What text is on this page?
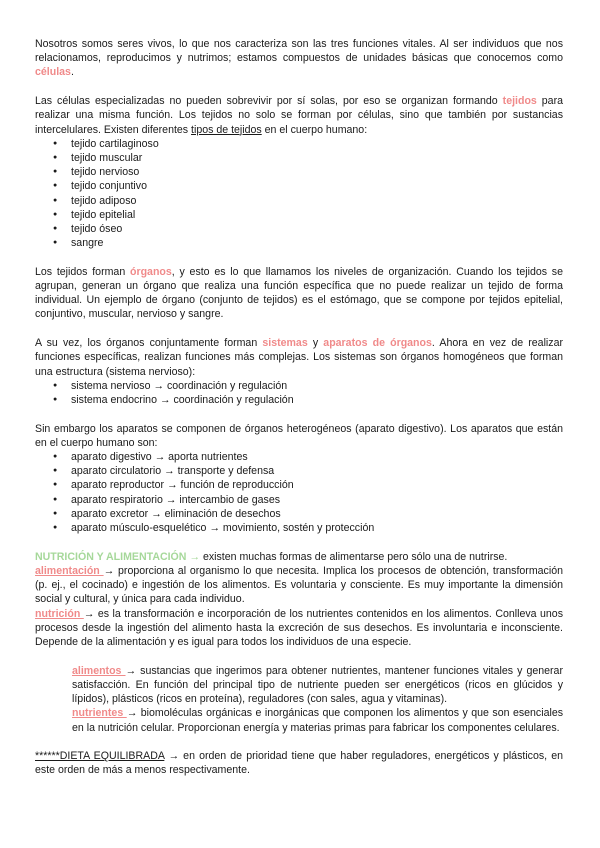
Nosotros somos seres vivos, lo que nos caracteriza son las tres funciones vitales. Al ser individuos que nos relacionamos, reproducimos y nutrimos; estamos compuestos de unidades básicas que conocemos como células.

Las células especializadas no pueden sobrevivir por sí solas, por eso se organizan formando tejidos para realizar una misma función. Los tejidos no solo se forman por células, sino que también por sustancias intercelulares. Existen diferentes tipos de tejidos en el cuerpo humano:

● tejido cartilaginoso
● tejido muscular
● tejido nervioso
● tejido conjuntivo
● tejido adiposo
● tejido epitelial
● tejido óseo
● sangre

Los tejidos forman órganos, y esto es lo que llamamos los niveles de organización. Cuando los tejidos se agrupan, generan un órgano que realiza una función específica que no puede realizar un tejido de forma individual. Un ejemplo de órgano (conjunto de tejidos) es el estómago, que se compone por tejidos epitelial, conjuntivo, muscular, nervioso y sangre.

A su vez, los órganos conjuntamente forman sistemas y aparatos de órganos. Ahora en vez de realizar funciones específicas, realizan funciones más complejas. Los sistemas son órganos homogéneos que forman una estructura (sistema nervioso):

● sistema nervioso → coordinación y regulación
● sistema endocrino → coordinación y regulación

Sin embargo los aparatos se componen de órganos heterogéneos (aparato digestivo). Los aparatos que están en el cuerpo humano son:

● aparato digestivo → aporta nutrientes
● aparato circulatorio → transporte y defensa
● aparato reproductor → función de reproducción
● aparato respiratorio → intercambio de gases
● aparato excretor → eliminación de desechos
● aparato músculo-esquelético → movimiento, sostén y protección

NUTRICIÓN Y ALIMENTACIÓN → existen muchas formas de alimentarse pero sólo una de nutrirse.

alimentación → proporciona al organismo lo que necesita. Implica los procesos de obtención, transformación (p. ej., el cocinado) e ingestión de los alimentos. Es voluntaria y consciente. Es muy importante la dimensión social y cultural, y única para cada individuo.

nutrición → es la transformación e incorporación de los nutrientes contenidos en los alimentos. Conlleva unos procesos desde la ingestión del alimento hasta la excreción de sus desechos. Es involuntaria e inconsciente. Depende de la alimentación y es igual para todos los individuos de una especie.

alimentos → sustancias que ingerimos para obtener nutrientes, mantener funciones vitales y generar satisfacción. En función del principal tipo de nutriente pueden ser energéticos (ricos en glúcidos y lípidos), plásticos (ricos en proteína), reguladores (con sales, agua y vitaminas).

nutrientes → biomoléculas orgánicas e inorgánicas que componen los alimentos y que son esenciales en la nutrición celular. Proporcionan energía y materias primas para fabricar los componentes celulares.

******DIETA EQUILIBRADA → en orden de prioridad tiene que haber reguladores, energéticos y plásticos, en este orden de más a menos respectivamente.
